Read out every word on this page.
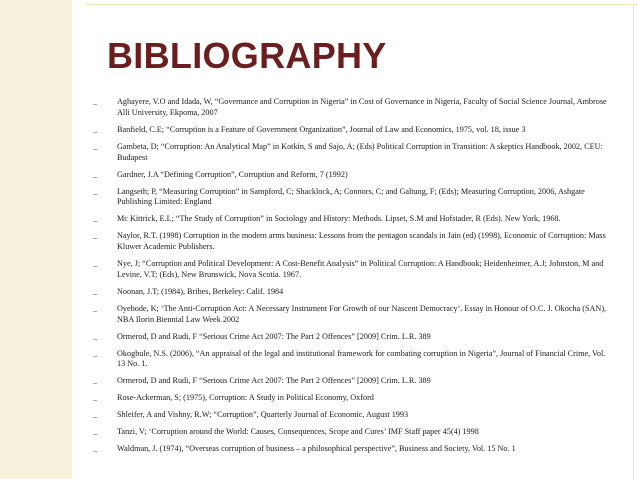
BIBLIOGRAPHY
_ Aghayere, V.O and Idada, W, “Governance and Corruption in Nigeria” in Cost of Governance in Nigeria, Faculty of Social Science Journal, Ambrose Alli University, Ekpoma, 2007
_ Banfield, C.E; “Corruption is a Feature of Government Organization”, Journal of Law and Economics, 1975, vol. 18, issue 3
_ Gambeta, D; “Corruption: An Analytical Map” in Kotkin, S and Sajo, A; (Eds) Political Corruption in Transition: A skeptics Handbook, 2002, CEU: Budapest
_ Gardner, J.A “Defining Corruption”, Corruption and Reform, 7 (1992)
_ Langseth; P, “Measuring Corruption” in Sampford, C; Shacklock, A; Connors, C; and Galtung, F; (Eds); Measuring Corruption, 2006, Ashgate Publishing Limited: England
_ Mc Kittrick, E.L; “The Study of Corruption” in Sociology and History: Methods. Lipset, S.M and Hofstader, R (Eds). New York, 1968.
_ Naylor, R.T. (1998) Corruption in the modern arms business: Lessons from the pentagon scandals in Jain (ed) (1998), Economic of Corruption: Mass Kluwer Academic Publishers.
_ Nye, J; “Corruption and Political Development: A Cost-Benefit Analysis” in Political Corruption: A Handbook; Heidenheimer, A.J; Johnston, M and Levine, V.T; (Eds), New Brunswick, Nova Scotia. 1967.
_ Noonan, J.T; (1984), Bribes, Berkeley: Calif. 1984
_ Oyebode, K; ‘The Anti-Corruption Act: A Necessary Instrument For Growth of our Nascent Democracy’. Essay in Honour of O.C. J. Okocha (SAN), NBA Ilorin Biennial Law Week 2002
_ Ormerod, D and Rudi, F “Serious Crime Act 2007: The Part 2 Offences” [2009] Crim. L.R. 389
_ Okogbule, N.S. (2006), “An appraisal of the legal and institutional framework for combating corruption in Nigeria”, Journal of Financial Crime, Vol. 13 No. 1.
_ Ormerod, D and Rudi, F “Serious Crime Act 2007: The Part 2 Offences” [2009] Crim. L.R. 389
_ Rose-Ackerman, S; (1975), Corruption: A Study in Political Economy, Oxford
_ Shleifer, A and Vishny, R.W; “Corruption”, Quarterly Journal of Economic, August 1993
_ Tanzi, V; ‘Corruption around the World: Causes, Consequences, Scope and Cures’ IMF Staff paper 45(4) 1998
_ Waldman, J. (1974), “Overseas corruption of business – a philosophical perspective”, Business and Society, Vol. 15 No. 1
